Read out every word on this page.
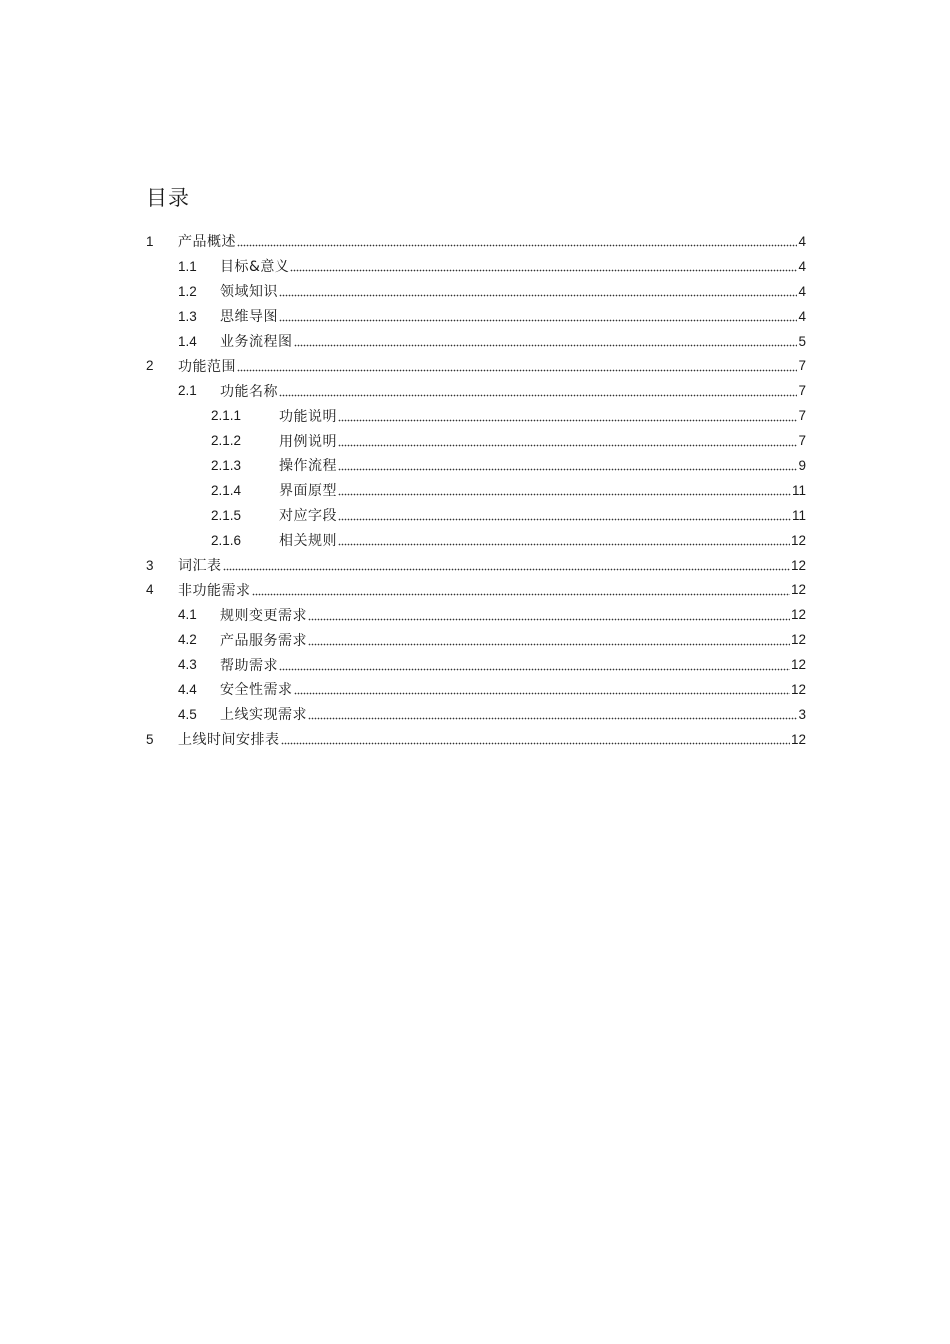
目录
1	产品概述	4
1.1	目标&意义	4
1.2	领域知识	4
1.3	思维导图	4
1.4	业务流程图	5
2	功能范围	7
2.1	功能名称	7
2.1.1	功能说明	7
2.1.2	用例说明	7
2.1.3	操作流程	9
2.1.4	界面原型	11
2.1.5	对应字段	11
2.1.6	相关规则	12
3	词汇表	12
4	非功能需求	12
4.1	规则变更需求	12
4.2	产品服务需求	12
4.3	帮助需求	12
4.4	安全性需求	12
4.5	上线实现需求	3
5	上线时间安排表	12
